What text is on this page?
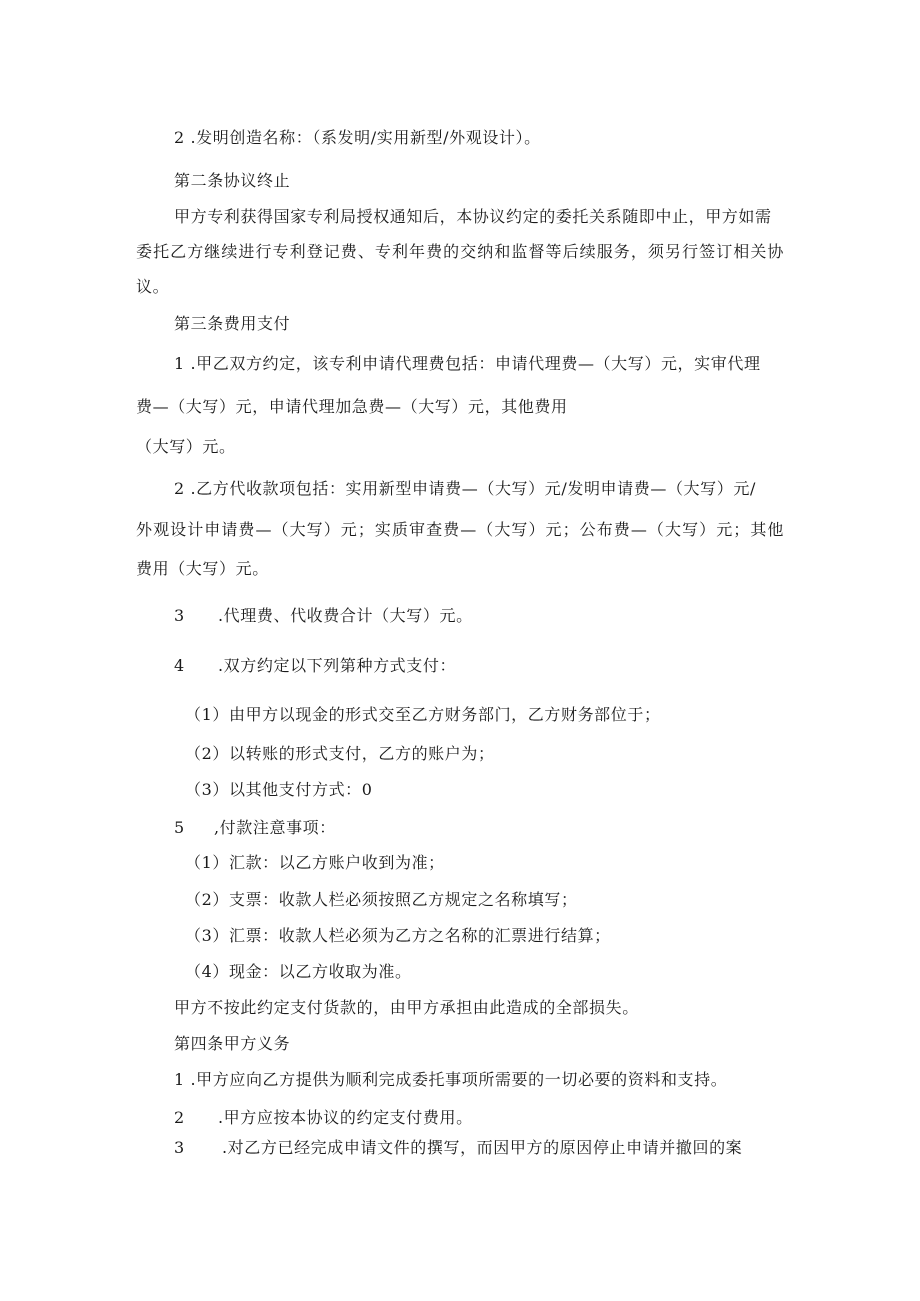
2 .发明创造名称：（系发明/实用新型/外观设计）。

第二条协议终止

甲方专利获得国家专利局授权通知后，本协议约定的委托关系随即中止，甲方如需

委托乙方继续进行专利登记费、专利年费的交纳和监督等后续服务，须另行签订相关协

议。

第三条费用支付

1 .甲乙双方约定，该专利申请代理费包括：申请代理费—（大写）元，实审代理

费—（大写）元，申请代理加急费—（大写）元，其他费用

（大写）元。

2 .乙方代收款项包括：实用新型申请费—（大写）元/发明申请费—（大写）元/

外观设计申请费—（大写）元；实质审查费—（大写）元；公布费—（大写）元；其他

费用（大写）元。

3 .代理费、代收费合计（大写）元。
4 .双方约定以下列第种方式支付：

（1）由甲方以现金的形式交至乙方财务部门，乙方财务部位于；

（2）以转账的形式支付，乙方的账户为；

（3）以其他支付方式：0

5 ,付款注意事项：

（1）汇款：以乙方账户收到为准；

（2）支票：收款人栏必须按照乙方规定之名称填写；

（3）汇票：收款人栏必须为乙方之名称的汇票进行结算；

（4）现金：以乙方收取为准。

甲方不按此约定支付货款的，由甲方承担由此造成的全部损失。

第四条甲方义务

1 .甲方应向乙方提供为顺利完成委托事项所需要的一切必要的资料和支持。

2 .甲方应按本协议的约定支付费用。
3 .对乙方已经完成申请文件的撰写，而因甲方的原因停止申请并撤回的案
